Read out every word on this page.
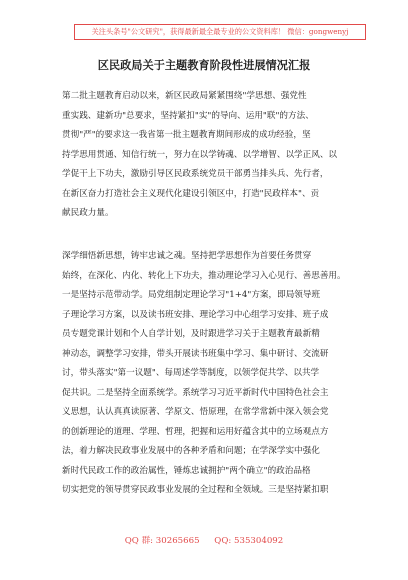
关注头条号"公文研究"，获得最新最全最专业的公文资料库！ 微信：gongwenyj
区民政局关于主题教育阶段性进展情况汇报
第二批主题教育启动以来，新区民政局紧紧围绕"学思想、强党性
重实践、建新功"总要求，坚持紧扣"实"的导向、运用"联"的方法、
贯彻"严"的要求这一我省第一批主题教育期间形成的成功经验，坚
持学思用贯通、知信行统一，努力在以学铸魂、以学增智、以学正风、以
学促干上下功夫，激励引导区民政系统党员干部勇当排头兵、先行者，
在新区奋力打造社会主义现代化建设引领区中，打造"民政样本"、贡
献民政力量。
深学细悟新思想，铸牢忠诚之魂。坚持把学思想作为首要任务贯穿
始终，在深化、内化、转化上下功夫，推动理论学习入心见行、善思善用。
一是坚持示范带动学。局党组制定理论学习"1+4"方案，即局领导班
子理论学习方案，以及读书班安排、理论学习中心组学习安排、班子成
员专题党课计划和个人自学计划，及时跟进学习关于主题教育最新精
神动态，调整学习安排，带头开展读书班集中学习、集中研讨、交流研
讨，带头落实"第一议题"、每周述学等制度，以领学促共学、以共学
促共识。二是坚持全面系统学。系统学习习近平新时代中国特色社会主
义思想，认认真真读原著、学原文、悟原理，在常学常新中深入领会党
的创新理论的道理、学理、哲理，把握和运用好蕴含其中的立场观点方
法，着力解决民政事业发展中的各种矛盾和问题；在学深学实中强化
新时代民政工作的政治属性，锤炼忠诚拥护"两个确立"的政治品格
切实把党的领导贯穿民政事业发展的全过程和全领域。三是坚持紧扣职
QQ 群: 30265665 QQ: 535304092
